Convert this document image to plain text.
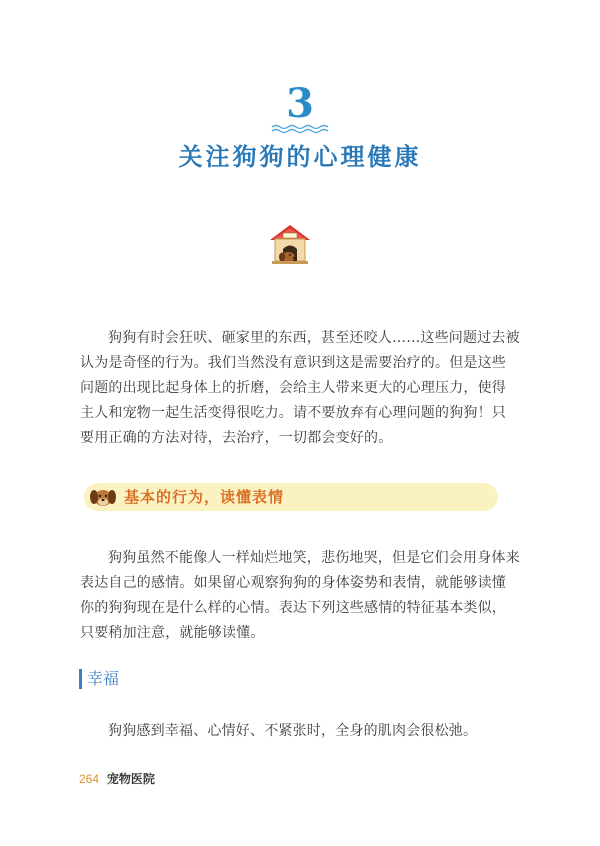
3
关注狗狗的心理健康

狗狗有时会狂吠、砸家里的东西，甚至还咬人……这些问题过去被认为是奇怪的行为。我们当然没有意识到这是需要治疗的。但是这些问题的出现比起身体上的折磨，会给主人带来更大的心理压力，使得主人和宠物一起生活变得很吃力。请不要放弃有心理问题的狗狗！只要用正确的方法对待，去治疗，一切都会变好的。

基本的行为，读懂表情

狗狗虽然不能像人一样灿烂地笑，悲伤地哭，但是它们会用身体来表达自己的感情。如果留心观察狗狗的身体姿势和表情，就能够读懂你的狗狗现在是什么样的心情。表达下列这些感情的特征基本类似，只要稍加注意，就能够读懂。

幸福

狗狗感到幸福、心情好、不紧张时，全身的肌肉会很松弛。

264 宠物医院
